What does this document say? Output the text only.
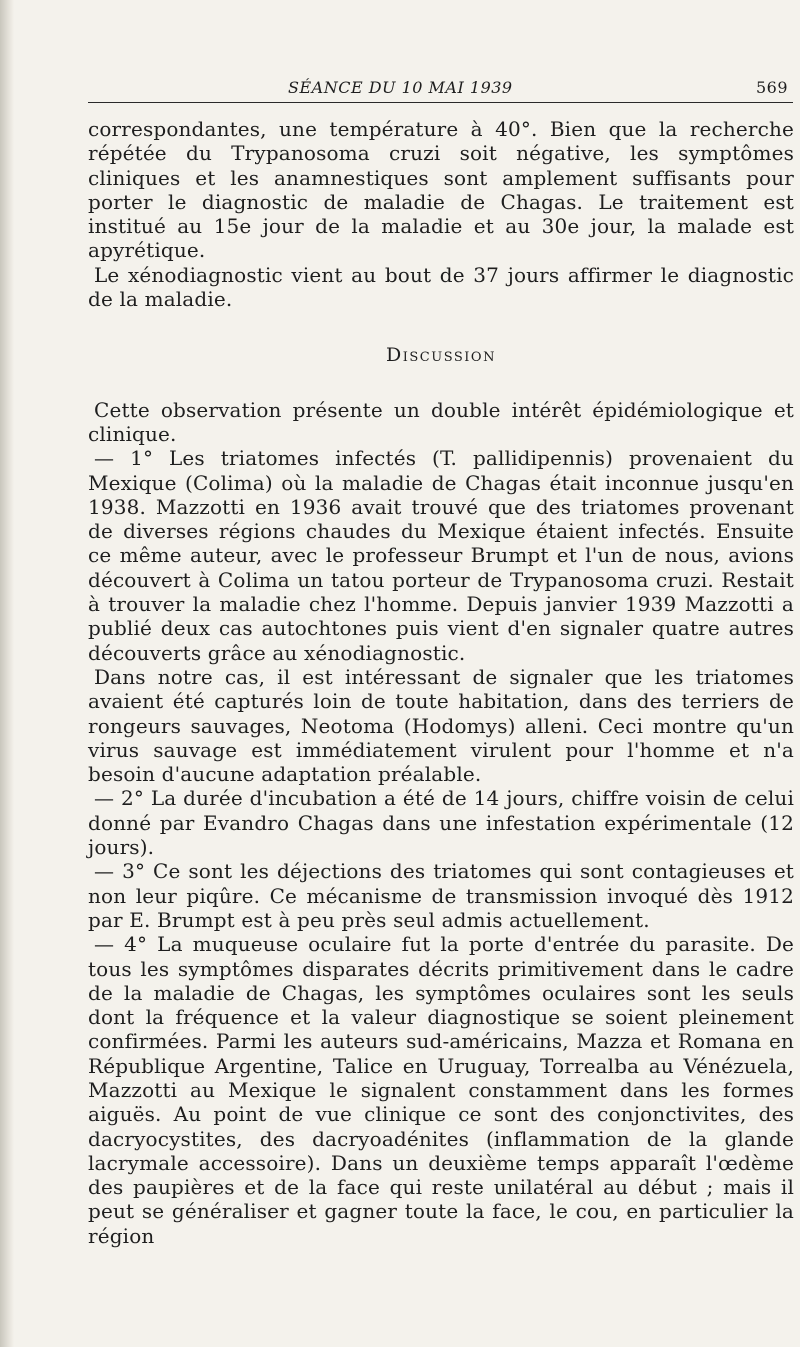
SÉANCE DU 10 MAI 1939	569

correspondantes, une température à 40°. Bien que la recherche répétée du Trypanosoma cruzi soit négative, les symptômes cliniques et les anamnestiques sont amplement suffisants pour porter le diagnostic de maladie de Chagas. Le traitement est institué au 15e jour de la maladie et au 30e jour, la malade est apyrétique.

Le xénodiagnostic vient au bout de 37 jours affirmer le diagnostic de la maladie.

Discussion

Cette observation présente un double intérêt épidémiologique et clinique.

— 1° Les triatomes infectés (T. pallidipennis) provenaient du Mexique (Colima) où la maladie de Chagas était inconnue jusqu'en 1938. Mazzotti en 1936 avait trouvé que des triatomes provenant de diverses régions chaudes du Mexique étaient infectés. Ensuite ce même auteur, avec le professeur Brumpt et l'un de nous, avions découvert à Colima un tatou porteur de Trypanosoma cruzi. Restait à trouver la maladie chez l'homme. Depuis janvier 1939 Mazzotti a publié deux cas autochtones puis vient d'en signaler quatre autres découverts grâce au xénodiagnostic.

Dans notre cas, il est intéressant de signaler que les triatomes avaient été capturés loin de toute habitation, dans des terriers de rongeurs sauvages, Neotoma (Hodomys) alleni. Ceci montre qu'un virus sauvage est immédiatement virulent pour l'homme et n'a besoin d'aucune adaptation préalable.

— 2° La durée d'incubation a été de 14 jours, chiffre voisin de celui donné par Evandro Chagas dans une infestation expérimentale (12 jours).

— 3° Ce sont les déjections des triatomes qui sont contagieuses et non leur piqûre. Ce mécanisme de transmission invoqué dès 1912 par E. Brumpt est à peu près seul admis actuellement.

— 4° La muqueuse oculaire fut la porte d'entrée du parasite. De tous les symptômes disparates décrits primitivement dans le cadre de la maladie de Chagas, les symptômes oculaires sont les seuls dont la fréquence et la valeur diagnostique se soient pleinement confirmées. Parmi les auteurs sud-américains, Mazza et Romana en République Argentine, Talice en Uruguay, Torrealba au Vénézuela, Mazzotti au Mexique le signalent constamment dans les formes aiguës. Au point de vue clinique ce sont des conjonctivites, des dacryocystites, des dacryoadénites (inflammation de la glande lacrymale accessoire). Dans un deuxième temps apparaît l'œdème des paupières et de la face qui reste unilatéral au début ; mais il peut se généraliser et gagner toute la face, le cou, en particulier la région
